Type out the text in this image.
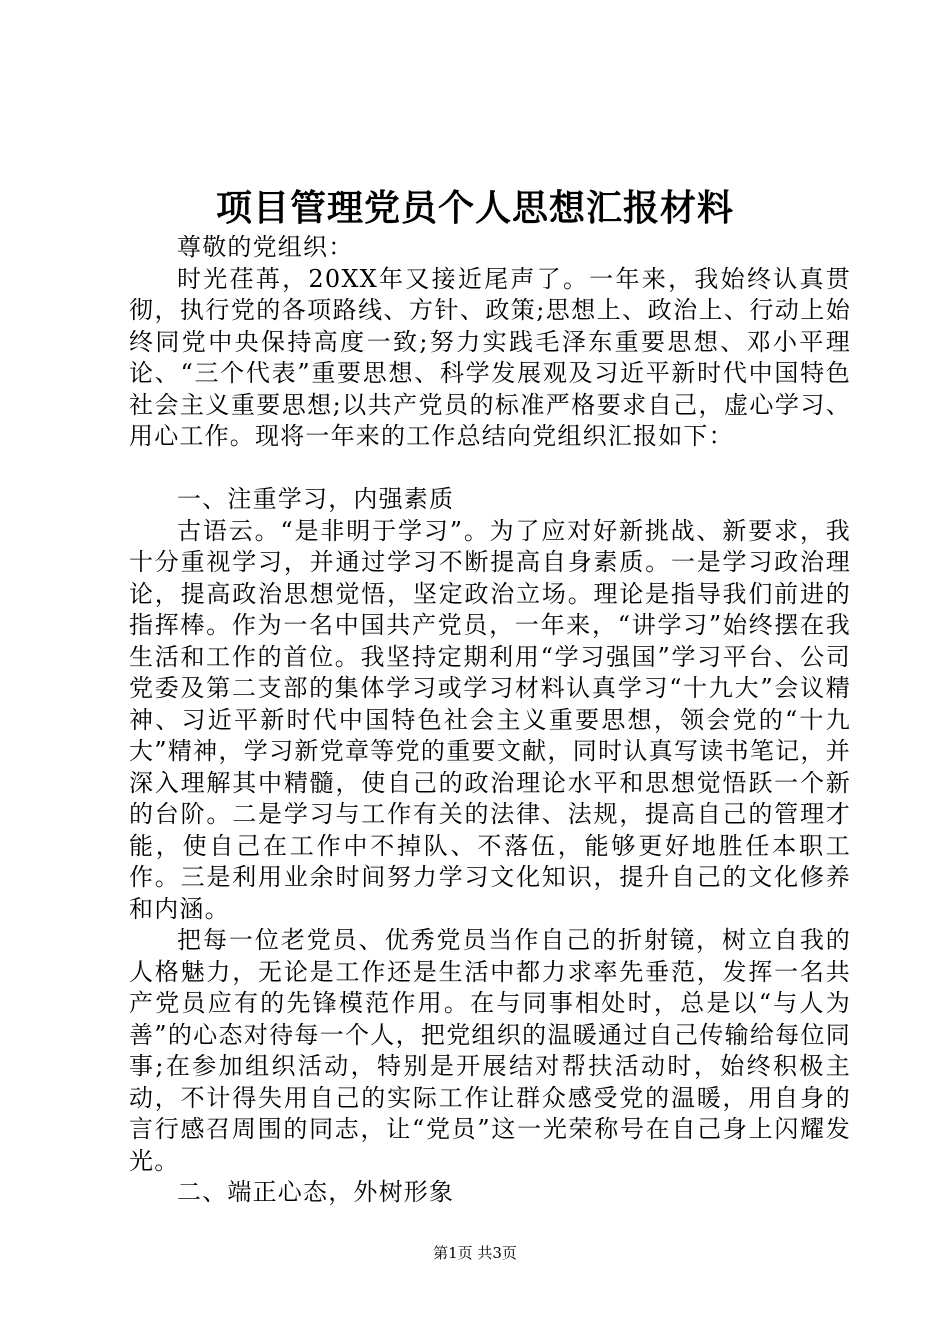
项目管理党员个人思想汇报材料

尊敬的党组织：

时光荏苒，20XX年又接近尾声了。一年来，我始终认真贯彻，执行党的各项路线、方针、政策;思想上、政治上、行动上始终同党中央保持高度一致;努力实践毛泽东重要思想、邓小平理论、“三个代表”重要思想、科学发展观及习近平新时代中国特色社会主义重要思想;以共产党员的标准严格要求自己，虚心学习、用心工作。现将一年来的工作总结向党组织汇报如下：

一、注重学习，内强素质

古语云。“是非明于学习”。为了应对好新挑战、新要求，我十分重视学习，并通过学习不断提高自身素质。一是学习政治理论，提高政治思想觉悟，坚定政治立场。理论是指导我们前进的指挥棒。作为一名中国共产党员，一年来，“讲学习”始终摆在我生活和工作的首位。我坚持定期利用“学习强国”学习平台、公司党委及第二支部的集体学习或学习材料认真学习“十九大”会议精神、习近平新时代中国特色社会主义重要思想，领会党的“十九大”精神，学习新党章等党的重要文献，同时认真写读书笔记，并深入理解其中精髓，使自己的政治理论水平和思想觉悟跃一个新的台阶。二是学习与工作有关的法律、法规，提高自己的管理才能，使自己在工作中不掉队、不落伍，能够更好地胜任本职工作。三是利用业余时间努力学习文化知识，提升自己的文化修养和内涵。

把每一位老党员、优秀党员当作自己的折射镜，树立自我的人格魅力，无论是工作还是生活中都力求率先垂范，发挥一名共产党员应有的先锋模范作用。在与同事相处时，总是以“与人为善”的心态对待每一个人，把党组织的温暖通过自己传输给每位同事;在参加组织活动，特别是开展结对帮扶活动时，始终积极主动，不计得失用自己的实际工作让群众感受党的温暖，用自身的言行感召周围的同志，让“党员”这一光荣称号在自己身上闪耀发光。

二、端正心态，外树形象

第1页 共3页
